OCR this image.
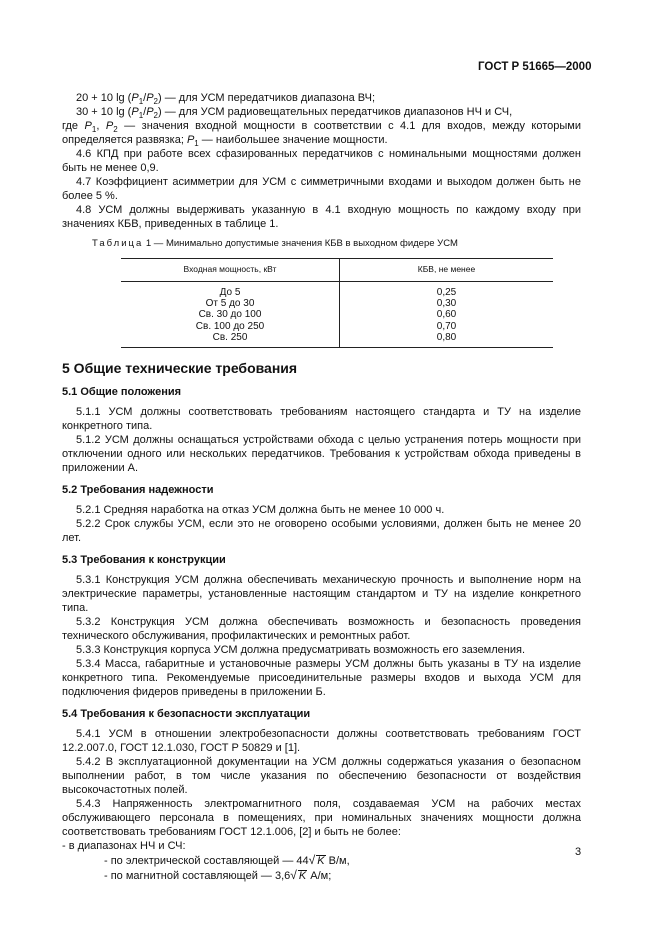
ГОСТ Р 51665—2000

20 + 10 $\lg (P_1/P_2)$ — для УСМ передатчиков диапазона ВЧ;

30 + 10 $\lg (P_1/P_2)$ — для УСМ радиовещательных передатчиков диапазонов НЧ и СЧ,

где $P_1$, $P_2$ — значения входной мощности в соответствии с 4.1 для входов, между которыми определяется развязка; $P_1$ — наибольшее значение мощности.

4.6 КПД при работе всех сфазированных передатчиков с номинальными мощностями должен быть не менее 0,9.

4.7 Коэффициент асимметрии для УСМ с симметричными входами и выходом должен быть не более 5 %.

4.8 УСМ должны выдерживать указанную в 4.1 входную мощность по каждому входу при значениях КБВ, приведенных в таблице 1.

Таблица 1 — Минимально допустимые значения КБВ в выходном фидере УСМ
Входная мощность, кВт	КБВ, не менее
До 5	0,25
От 5 до 30	0,30
Св. 30 до 100	0,60
Св. 100 до 250	0,70
Св. 250	0,80

5 Общие технические требования

5.1 Общие положения

5.1.1 УСМ должны соответствовать требованиям настоящего стандарта и ТУ на изделие конкретного типа.

5.1.2 УСМ должны оснащаться устройствами обхода с целью устранения потерь мощности при отключении одного или нескольких передатчиков. Требования к устройствам обхода приведены в приложении А.

5.2 Требования надежности

5.2.1 Средняя наработка на отказ УСМ должна быть не менее 10 000 ч.

5.2.2 Срок службы УСМ, если это не оговорено особыми условиями, должен быть не менее 20 лет.

5.3 Требования к конструкции

5.3.1 Конструкция УСМ должна обеспечивать механическую прочность и выполнение норм на электрические параметры, установленные настоящим стандартом и ТУ на изделие конкретного типа.

5.3.2 Конструкция УСМ должна обеспечивать возможность и безопасность проведения технического обслуживания, профилактических и ремонтных работ.

5.3.3 Конструкция корпуса УСМ должна предусматривать возможность его заземления.

5.3.4 Масса, габаритные и установочные размеры УСМ должны быть указаны в ТУ на изделие конкретного типа. Рекомендуемые присоединительные размеры входов и выхода УСМ для подключения фидеров приведены в приложении Б.

5.4 Требования к безопасности эксплуатации

5.4.1 УСМ в отношении электробезопасности должны соответствовать требованиям ГОСТ 12.2.007.0, ГОСТ 12.1.030, ГОСТ Р 50829 и [1].

5.4.2 В эксплуатационной документации на УСМ должны содержаться указания о безопасном выполнении работ, в том числе указания по обеспечению безопасности от воздействия высокочастотных полей.

5.4.3 Напряженность электромагнитного поля, создаваемая УСМ на рабочих местах обслуживающего персонала в помещениях, при номинальных значениях мощности должна соответствовать требованиям ГОСТ 12.1.006, [2] и быть не более:

- в диапазонах НЧ и СЧ:

- по электрической составляющей — 44√ K В/м,

- по магнитной составляющей — 3,6√ K А/м;

3
